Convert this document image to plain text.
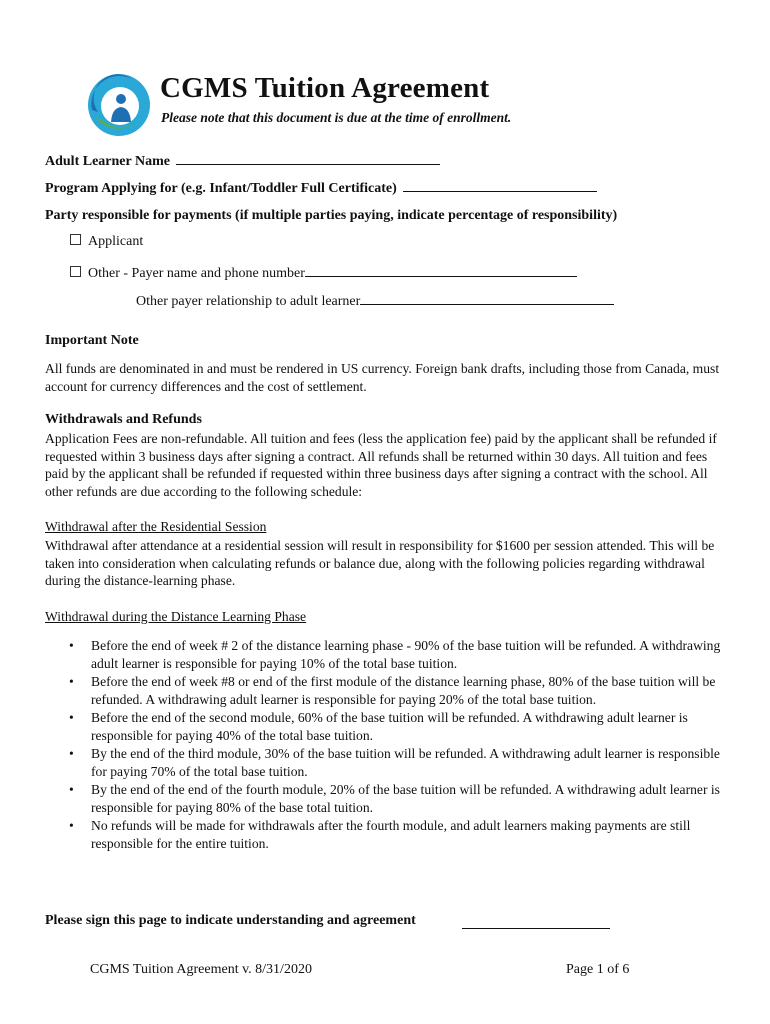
CGMS Tuition Agreement
Please note that this document is due at the time of enrollment.
Adult Learner Name
Program Applying for (e.g. Infant/Toddler Full Certificate)
Party responsible for payments (if multiple parties paying, indicate percentage of responsibility)
Applicant
Other - Payer name and phone number
Other payer relationship to adult learner
Important Note
All funds are denominated in and must be rendered in US currency. Foreign bank drafts, including those from Canada, must account for currency differences and the cost of settlement.
Withdrawals and Refunds
Application Fees are non-refundable. All tuition and fees (less the application fee) paid by the applicant shall be refunded if requested within 3 business days after signing a contract. All refunds shall be returned within 30 days. All tuition and fees paid by the applicant shall be refunded if requested within three business days after signing a contract with the school. All other refunds are due according to the following schedule:
Withdrawal after the Residential Session
Withdrawal after attendance at a residential session will result in responsibility for $1600 per session attended. This will be taken into consideration when calculating refunds or balance due, along with the following policies regarding withdrawal during the distance-learning phase.
Withdrawal during the Distance Learning Phase
• Before the end of week # 2 of the distance learning phase - 90% of the base tuition will be refunded. A withdrawing adult learner is responsible for paying 10% of the total base tuition.
• Before the end of week #8 or end of the first module of the distance learning phase, 80% of the base tuition will be refunded. A withdrawing adult learner is responsible for paying 20% of the total base tuition.
• Before the end of the second module, 60% of the base tuition will be refunded. A withdrawing adult learner is responsible for paying 40% of the total base tuition.
• By the end of the third module, 30% of the base tuition will be refunded. A withdrawing adult learner is responsible for paying 70% of the total base tuition.
• By the end of the end of the fourth module, 20% of the base tuition will be refunded. A withdrawing adult learner is responsible for paying 80% of the base total tuition.
• No refunds will be made for withdrawals after the fourth module, and adult learners making payments are still responsible for the entire tuition.
Please sign this page to indicate understanding and agreement
CGMS Tuition Agreement v. 8/31/2020	Page 1 of 6
